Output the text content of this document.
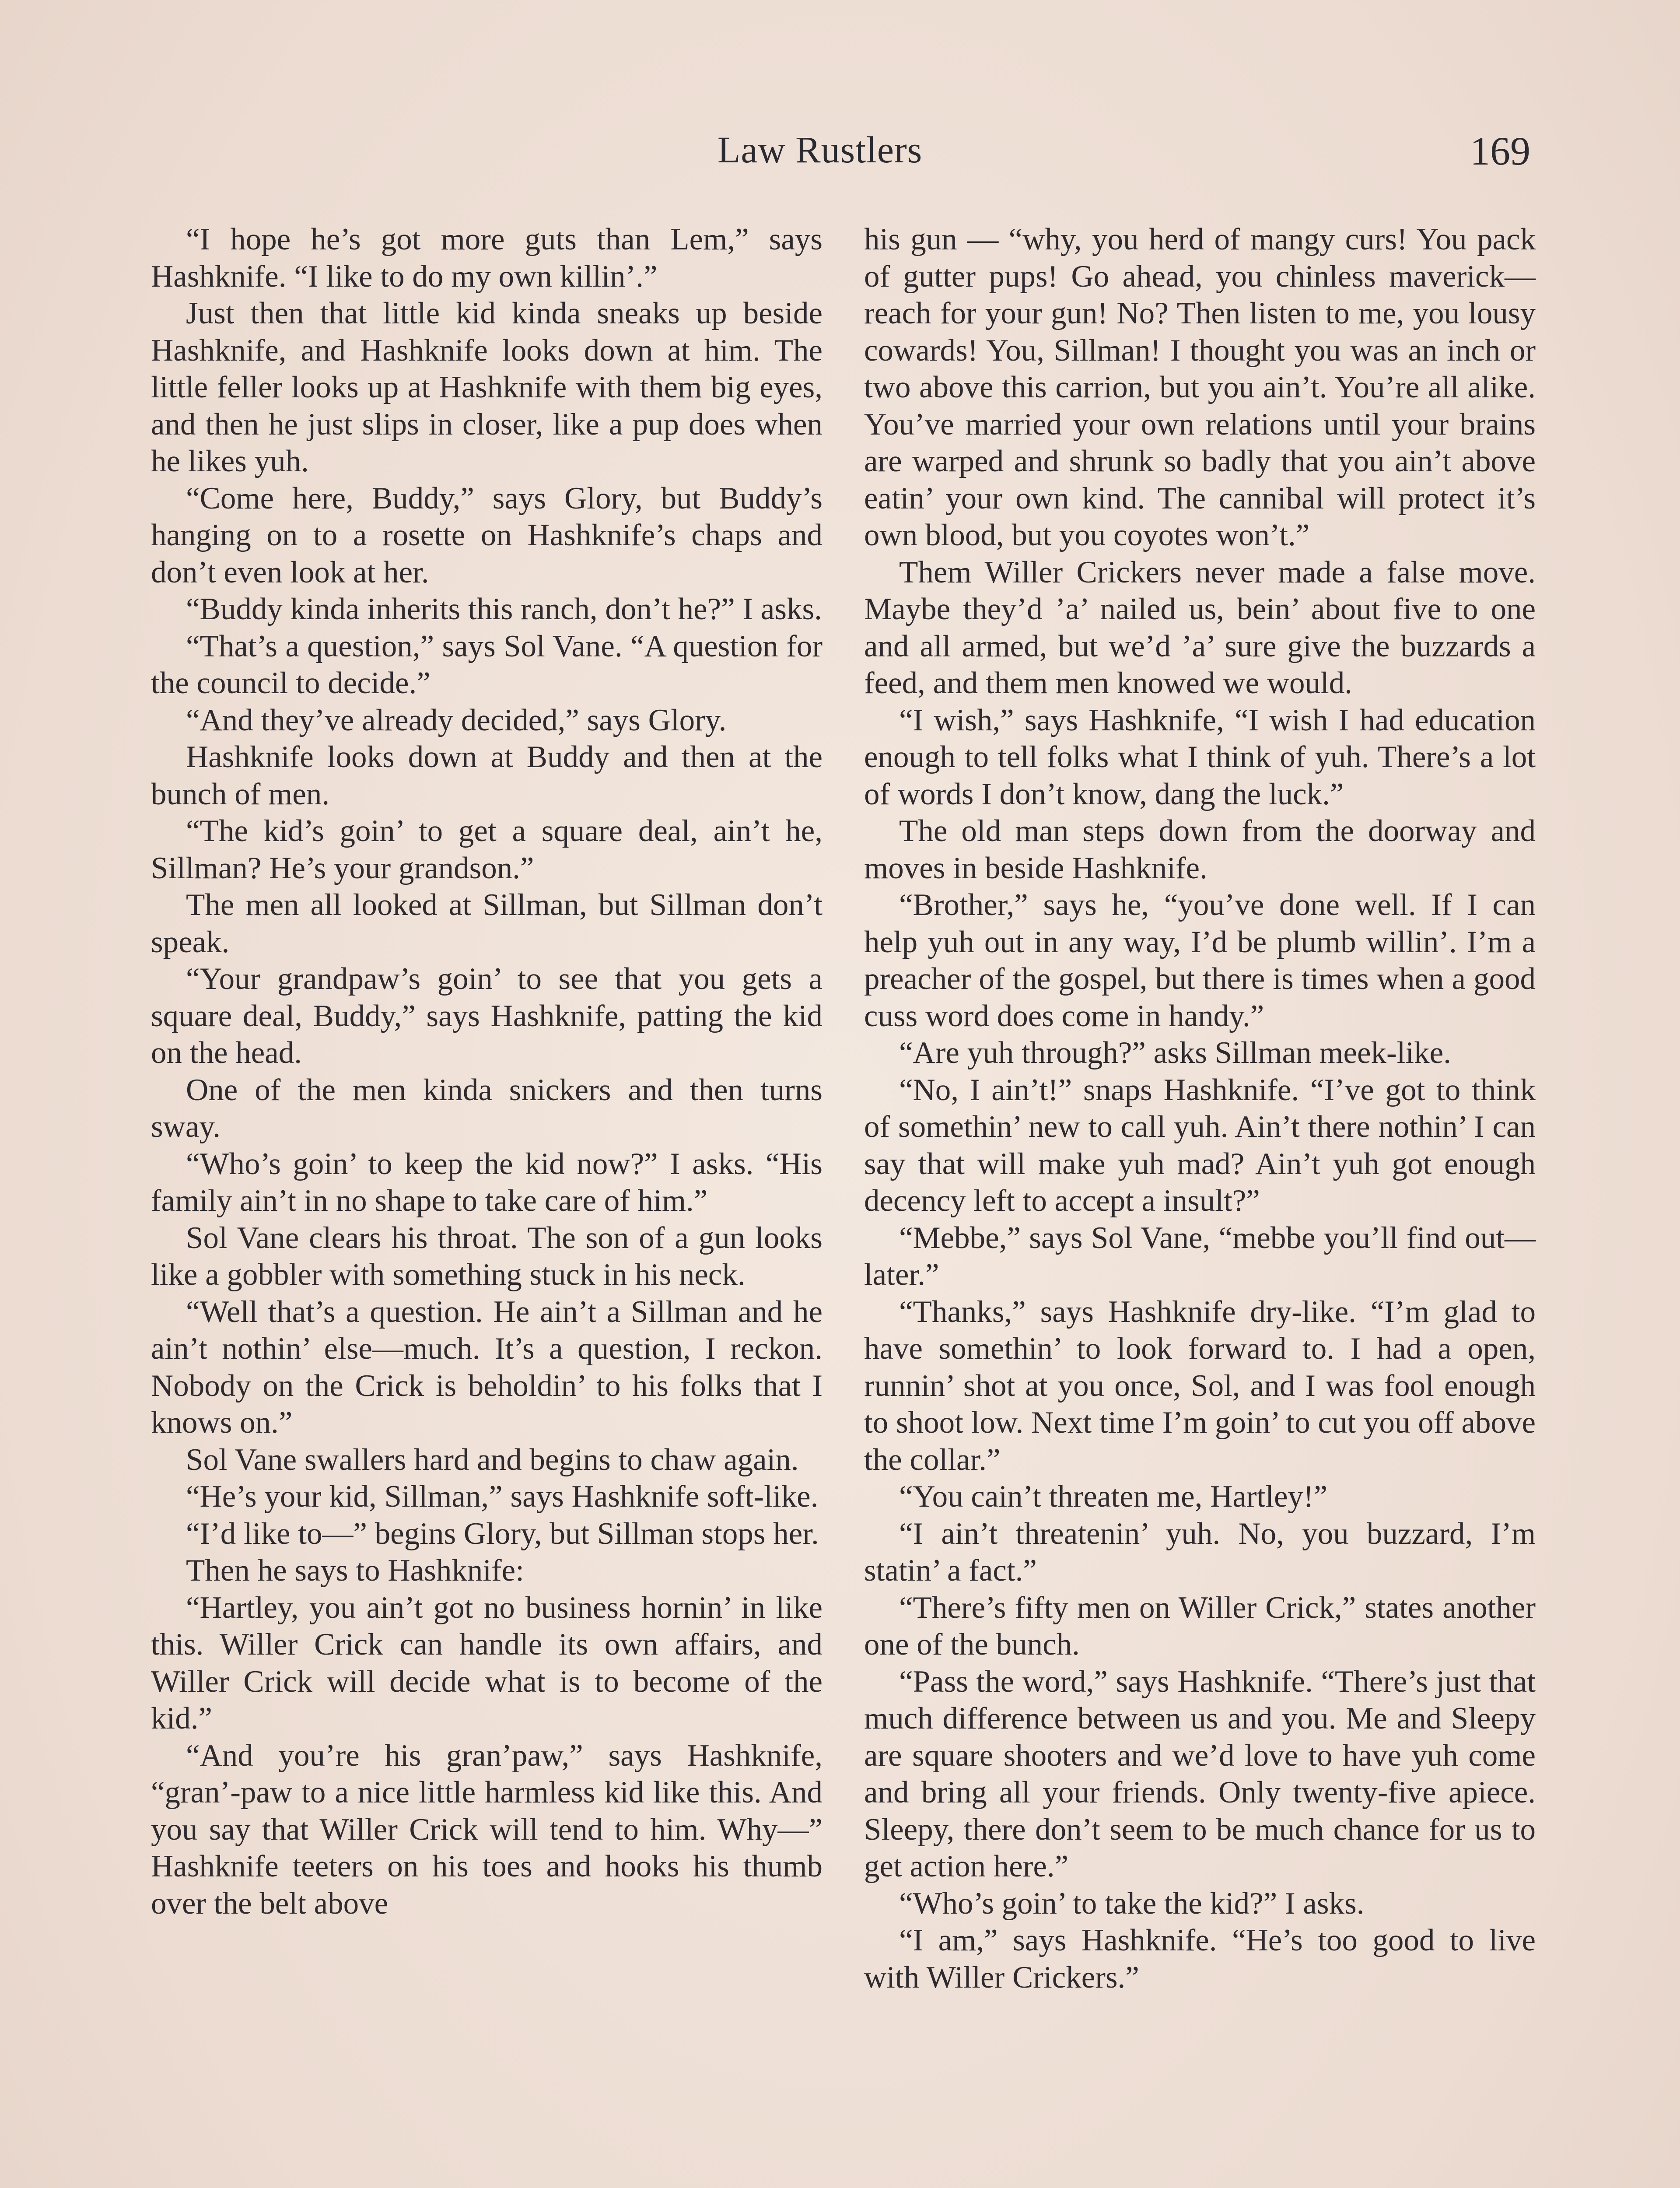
Law Rustlers	169

“I hope he’s got more guts than Lem,” says Hashknife. “I like to do my own killin’.”

Just then that little kid kinda sneaks up beside Hashknife, and Hashknife looks down at him. The little feller looks up at Hashknife with them big eyes, and then he just slips in closer, like a pup does when he likes yuh.

“Come here, Buddy,” says Glory, but Buddy’s hanging on to a rosette on Hashknife’s chaps and don’t even look at her.

“Buddy kinda inherits this ranch, don’t he?” I asks.

“That’s a question,” says Sol Vane. “A question for the council to decide.”

“And they’ve already decided,” says Glory.

Hashknife looks down at Buddy and then at the bunch of men.

“The kid’s goin’ to get a square deal, ain’t he, Sillman? He’s your grandson.”

The men all looked at Sillman, but Sillman don’t speak.

“Your grandpaw’s goin’ to see that you gets a square deal, Buddy,” says Hashknife, patting the kid on the head.

One of the men kinda snickers and then turns sway.

“Who’s goin’ to keep the kid now?” I asks. “His family ain’t in no shape to take care of him.”

Sol Vane clears his throat. The son of a gun looks like a gobbler with something stuck in his neck.

“Well that’s a question. He ain’t a Sillman and he ain’t nothin’ else—much. It’s a question, I reckon. Nobody on the Crick is beholdin’ to his folks that I knows on.”

Sol Vane swallers hard and begins to chaw again.

“He’s your kid, Sillman,” says Hashknife soft-like.

“I’d like to—” begins Glory, but Sillman stops her.

Then he says to Hashknife:

“Hartley, you ain’t got no business hornin’ in like this. Willer Crick can handle its own affairs, and Willer Crick will decide what is to become of the kid.”

“And you’re his gran’paw,” says Hashknife, “gran’-paw to a nice little harmless kid like this. And you say that Willer Crick will tend to him. Why—” Hashknife teeters on his toes and hooks his thumb over the belt above

his gun — “why, you herd of mangy curs! You pack of gutter pups! Go ahead, you chinless maverick—reach for your gun! No? Then listen to me, you lousy cowards! You, Sillman! I thought you was an inch or two above this carrion, but you ain’t. You’re all alike. You’ve married your own relations until your brains are warped and shrunk so badly that you ain’t above eatin’ your own kind. The cannibal will protect it’s own blood, but you coyotes won’t.”

Them Willer Crickers never made a false move. Maybe they’d ’a’ nailed us, bein’ about five to one and all armed, but we’d ’a’ sure give the buzzards a feed, and them men knowed we would.

“I wish,” says Hashknife, “I wish I had education enough to tell folks what I think of yuh. There’s a lot of words I don’t know, dang the luck.”

The old man steps down from the doorway and moves in beside Hashknife.

“Brother,” says he, “you’ve done well. If I can help yuh out in any way, I’d be plumb willin’. I’m a preacher of the gospel, but there is times when a good cuss word does come in handy.”

“Are yuh through?” asks Sillman meek-like.

“No, I ain’t!” snaps Hashknife. “I’ve got to think of somethin’ new to call yuh. Ain’t there nothin’ I can say that will make yuh mad? Ain’t yuh got enough decency left to accept a insult?”

“Mebbe,” says Sol Vane, “mebbe you’ll find out—later.”

“Thanks,” says Hashknife dry-like. “I’m glad to have somethin’ to look forward to. I had a open, runnin’ shot at you once, Sol, and I was fool enough to shoot low. Next time I’m goin’ to cut you off above the collar.”

“You cain’t threaten me, Hartley!”

“I ain’t threatenin’ yuh. No, you buzzard, I’m statin’ a fact.”

“There’s fifty men on Willer Crick,” states another one of the bunch.

“Pass the word,” says Hashknife. “There’s just that much difference between us and you. Me and Sleepy are square shooters and we’d love to have yuh come and bring all your friends. Only twenty-five apiece. Sleepy, there don’t seem to be much chance for us to get action here.”

“Who’s goin’ to take the kid?” I asks.

“I am,” says Hashknife. “He’s too good to live with Willer Crickers.”
